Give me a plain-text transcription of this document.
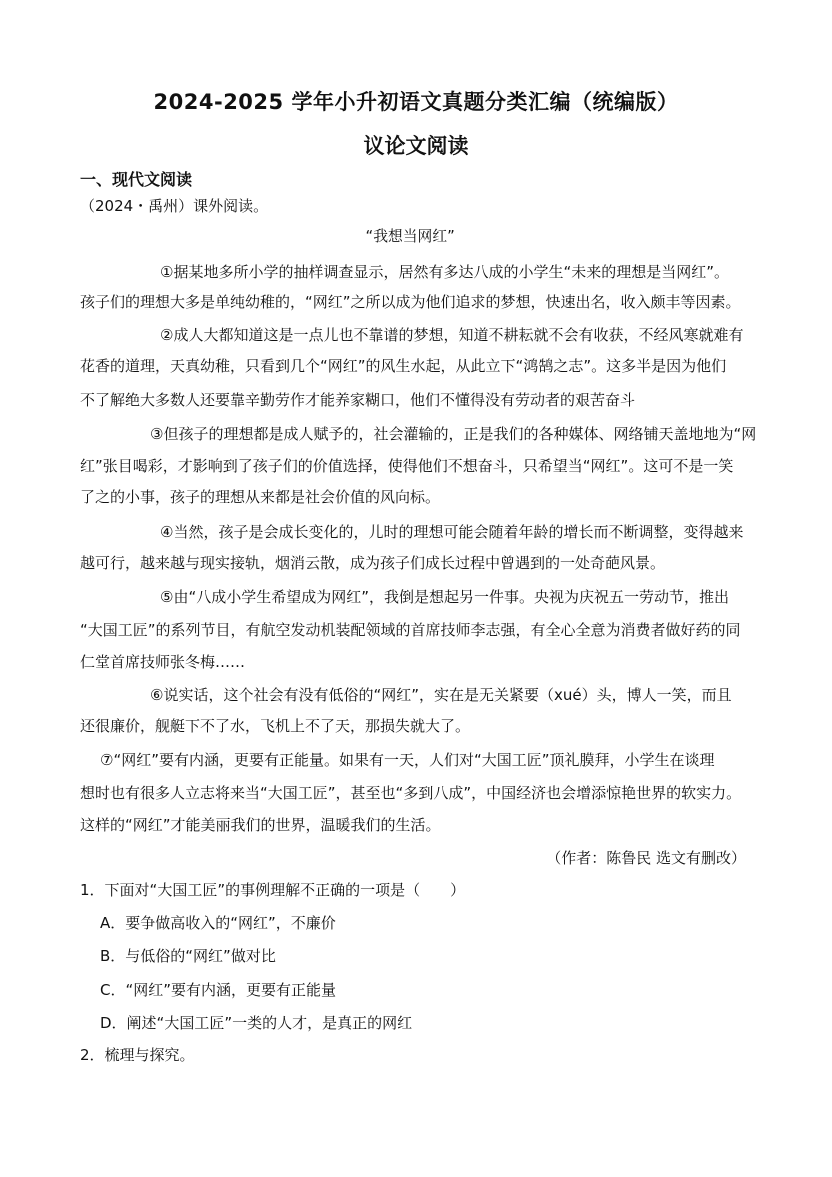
2024-2025 学年小升初语文真题分类汇编（统编版）
议论文阅读
一、现代文阅读
（2024・禹州）课外阅读。
“我想当网红”
①据某地多所小学的抽样调查显示，居然有多达八成的小学生“未来的理想是当网红”。
孩子们的理想大多是单纯幼稚的，“网红”之所以成为他们追求的梦想，快速出名，收入颇丰等因素。
②成人大都知道这是一点儿也不靠谱的梦想，知道不耕耘就不会有收获，不经风寒就难有
花香的道理，天真幼稚，只看到几个“网红”的风生水起，从此立下“鸿鹄之志”。这多半是因为他们
不了解绝大多数人还要靠辛勤劳作才能养家糊口，他们不懂得没有劳动者的艰苦奋斗
③但孩子的理想都是成人赋予的，社会灌输的，正是我们的各种媒体、网络铺天盖地地为“网
红”张目喝彩，才影响到了孩子们的价值选择，使得他们不想奋斗，只希望当“网红”。这可不是一笑
了之的小事，孩子的理想从来都是社会价值的风向标。
④当然，孩子是会成长变化的，儿时的理想可能会随着年龄的增长而不断调整，变得越来
越可行，越来越与现实接轨，烟消云散，成为孩子们成长过程中曾遇到的一处奇葩风景。
⑤由“八成小学生希望成为网红”，我倒是想起另一件事。央视为庆祝五一劳动节，推出
“大国工匠”的系列节目，有航空发动机装配领域的首席技师李志强，有全心全意为消费者做好药的同
仁堂首席技师张冬梅……
⑥说实话，这个社会有没有低俗的“网红”，实在是无关紧要（xué）头，博人一笑，而且
还很廉价，舰艇下不了水，飞机上不了天，那损失就大了。
⑦“网红”要有内涵，更要有正能量。如果有一天，人们对“大国工匠”顶礼膜拜，小学生在谈理
想时也有很多人立志将来当“大国工匠”，甚至也“多到八成”，中国经济也会增添惊艳世界的软实力。
这样的“网红”才能美丽我们的世界，温暖我们的生活。
（作者：陈鲁民 选文有删改）
1．下面对“大国工匠”的事例理解不正确的一项是（　　）
A．要争做高收入的“网红”，不廉价
B．与低俗的“网红”做对比
C．“网红”要有内涵，更要有正能量
D．阐述“大国工匠”一类的人才，是真正的网红
2．梳理与探究。
